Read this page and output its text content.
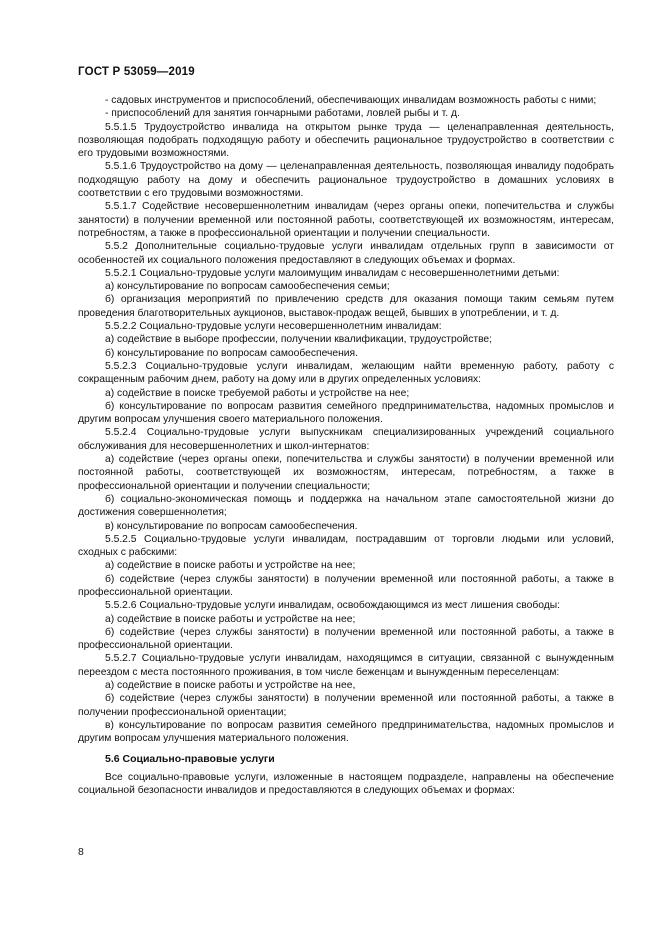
ГОСТ Р 53059—2019

- садовых инструментов и приспособлений, обеспечивающих инвалидам возможность работы с ними;

- приспособлений для занятия гончарными работами, ловлей рыбы и т. д.

5.5.1.5 Трудоустройство инвалида на открытом рынке труда — целенаправленная деятельность, позволяющая подобрать подходящую работу и обеспечить рациональное трудоустройство в соответствии с его трудовыми возможностями.

5.5.1.6 Трудоустройство на дому — целенаправленная деятельность, позволяющая инвалиду подобрать подходящую работу на дому и обеспечить рациональное трудоустройство в домашних условиях в соответствии с его трудовыми возможностями.

5.5.1.7 Содействие несовершеннолетним инвалидам (через органы опеки, попечительства и службы занятости) в получении временной или постоянной работы, соответствующей их возможностям, интересам, потребностям, а также в профессиональной ориентации и получении специальности.

5.5.2 Дополнительные социально-трудовые услуги инвалидам отдельных групп в зависимости от особенностей их социального положения предоставляют в следующих объемах и формах.

5.5.2.1 Социально-трудовые услуги малоимущим инвалидам с несовершеннолетними детьми:

а) консультирование по вопросам самообеспечения семьи;

б) организация мероприятий по привлечению средств для оказания помощи таким семьям путем проведения благотворительных аукционов, выставок-продаж вещей, бывших в употреблении, и т. д.

5.5.2.2 Социально-трудовые услуги несовершеннолетним инвалидам:

а) содействие в выборе профессии, получении квалификации, трудоустройстве;

б) консультирование по вопросам самообеспечения.

5.5.2.3 Социально-трудовые услуги инвалидам, желающим найти временную работу, работу с сокращенным рабочим днем, работу на дому или в других определенных условиях:

а) содействие в поиске требуемой работы и устройстве на нее;

б) консультирование по вопросам развития семейного предпринимательства, надомных промыслов и другим вопросам улучшения своего материального положения.

5.5.2.4 Социально-трудовые услуги выпускникам специализированных учреждений социального обслуживания для несовершеннолетних и школ-интернатов:

а) содействие (через органы опеки, попечительства и службы занятости) в получении временной или постоянной работы, соответствующей их возможностям, интересам, потребностям, а также в профессиональной ориентации и получении специальности;

б) социально-экономическая помощь и поддержка на начальном этапе самостоятельной жизни до достижения совершеннолетия;

в) консультирование по вопросам самообеспечения.

5.5.2.5 Социально-трудовые услуги инвалидам, пострадавшим от торговли людьми или условий, сходных с рабскими:

а) содействие в поиске работы и устройстве на нее;

б) содействие (через службы занятости) в получении временной или постоянной работы, а также в профессиональной ориентации.

5.5.2.6 Социально-трудовые услуги инвалидам, освобождающимся из мест лишения свободы:

а) содействие в поиске работы и устройстве на нее;

б) содействие (через службы занятости) в получении временной или постоянной работы, а также в профессиональной ориентации.

5.5.2.7 Социально-трудовые услуги инвалидам, находящимся в ситуации, связанной с вынужденным переездом с места постоянного проживания, в том числе беженцам и вынужденным переселенцам:

а) содействие в поиске работы и устройстве на нее,

б) содействие (через службы занятости) в получении временной или постоянной работы, а также в получении профессиональной ориентации;

в) консультирование по вопросам развития семейного предпринимательства, надомных промыслов и другим вопросам улучшения материального положения.

5.6 Социально-правовые услуги

Все социально-правовые услуги, изложенные в настоящем подразделе, направлены на обеспечение социальной безопасности инвалидов и предоставляются в следующих объемах и формах:

8
